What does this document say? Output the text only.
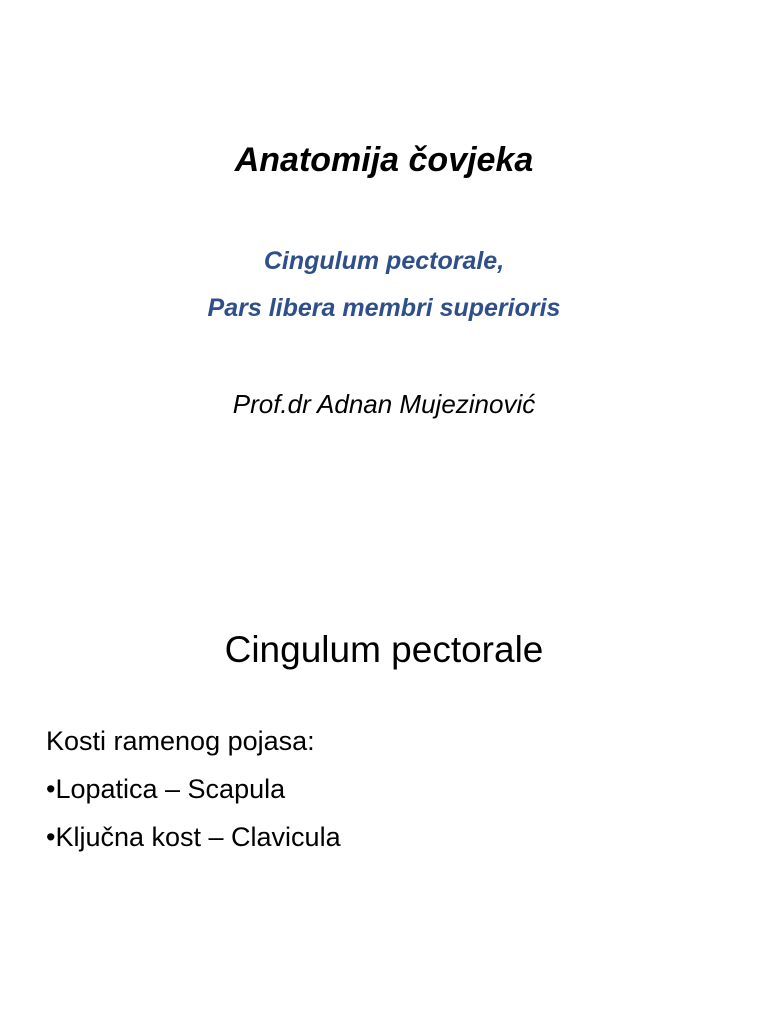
Anatomija čovjeka
Cingulum pectorale,
Pars libera membri superioris
Prof.dr Adnan Mujezinović
Cingulum pectorale
Kosti ramenog pojasa:
•Lopatica – Scapula
•Ključna kost – Clavicula
